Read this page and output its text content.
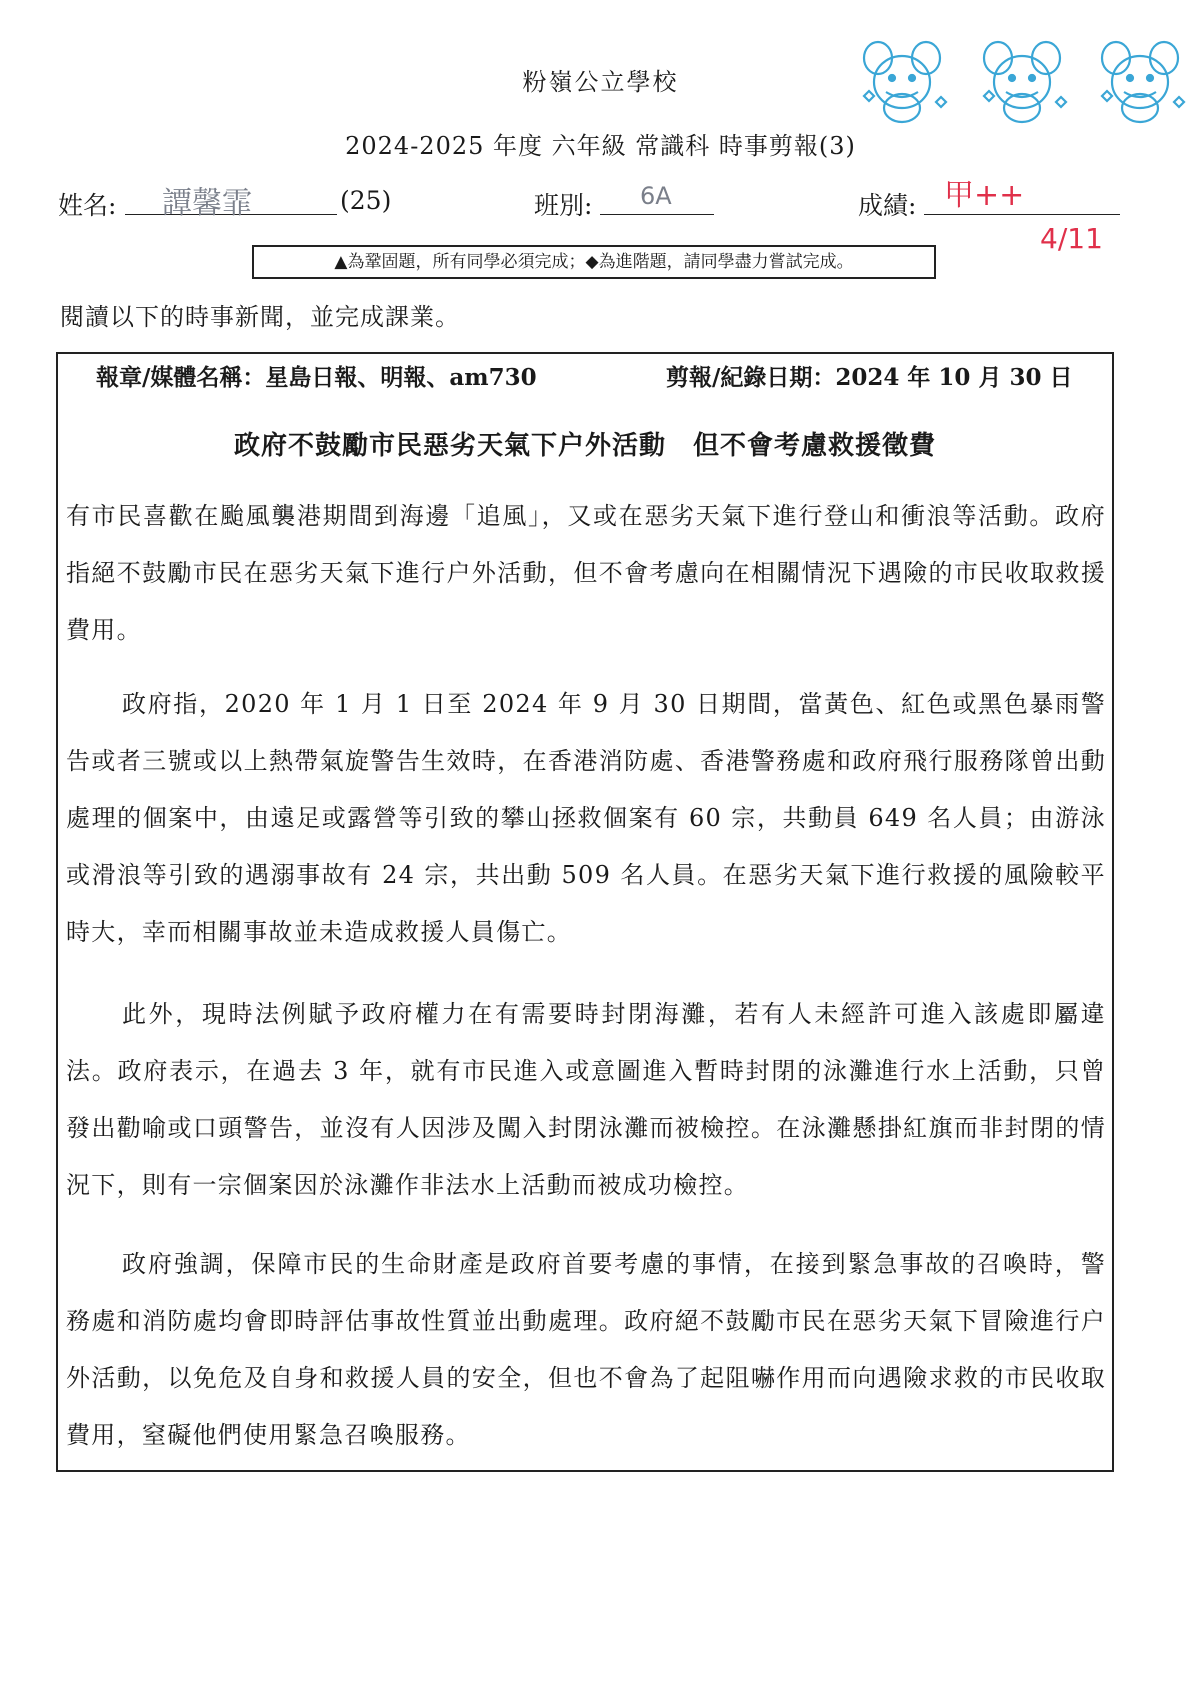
粉嶺公立學校
2024-2025 年度 六年級 常識科 時事剪報(3)
姓名: 譚馨霏	(25)	班別: 6A	成績: 甲++
4/11
▲為鞏固題，所有同學必須完成；◆為進階題，請同學盡力嘗試完成。
閱讀以下的時事新聞，並完成課業。
報章/媒體名稱：星島日報、明報、am730	剪報/紀錄日期：2024 年 10 月 30 日
政府不鼓勵市民惡劣天氣下户外活動　但不會考慮救援徵費
有市民喜歡在颱風襲港期間到海邊「追風」，又或在惡劣天氣下進行登山和衝浪等活動。政府指絕不鼓勵市民在惡劣天氣下進行户外活動，但不會考慮向在相關情況下遇險的市民收取救援費用。
政府指，2020 年 1 月 1 日至 2024 年 9 月 30 日期間，當黃色、紅色或黑色暴雨警告或者三號或以上熱帶氣旋警告生效時，在香港消防處、香港警務處和政府飛行服務隊曾出動處理的個案中，由遠足或露營等引致的攀山拯救個案有 60 宗，共動員 649 名人員；由游泳或滑浪等引致的遇溺事故有 24 宗，共出動 509 名人員。在惡劣天氣下進行救援的風險較平時大，幸而相關事故並未造成救援人員傷亡。
此外，現時法例賦予政府權力在有需要時封閉海灘，若有人未經許可進入該處即屬違法。政府表示，在過去 3 年，就有市民進入或意圖進入暫時封閉的泳灘進行水上活動，只曾發出勸喻或口頭警告，並沒有人因涉及闖入封閉泳灘而被檢控。在泳灘懸掛紅旗而非封閉的情況下，則有一宗個案因於泳灘作非法水上活動而被成功檢控。
政府強調，保障市民的生命財產是政府首要考慮的事情，在接到緊急事故的召喚時，警務處和消防處均會即時評估事故性質並出動處理。政府絕不鼓勵市民在惡劣天氣下冒險進行户外活動，以免危及自身和救援人員的安全，但也不會為了起阻嚇作用而向遇險求救的市民收取費用，窒礙他們使用緊急召喚服務。
